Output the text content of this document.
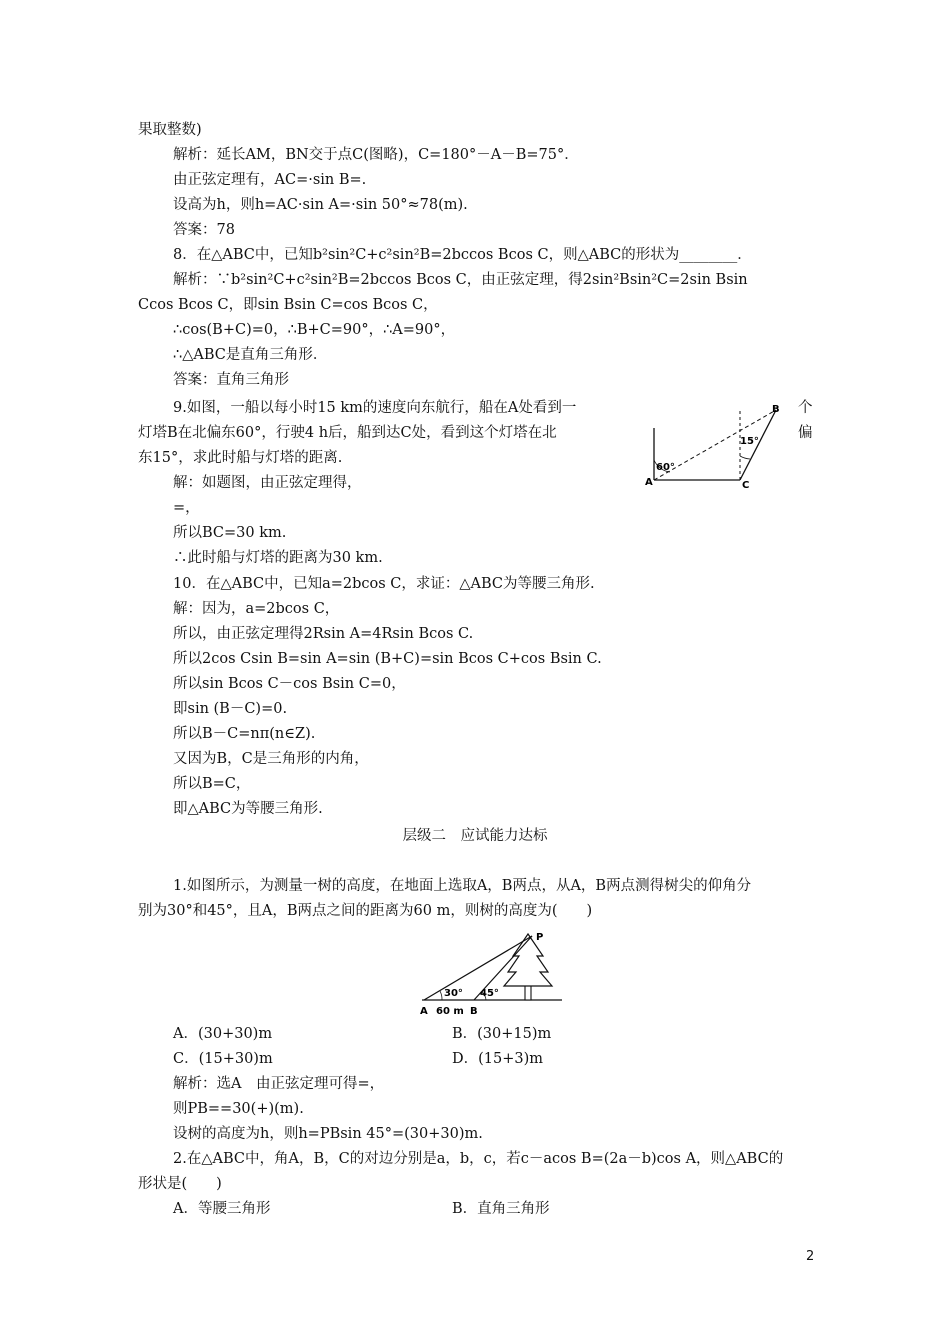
果取整数)
解析：延长AM，BN交于点C(图略)，C=180°－A－B=75°．
由正弦定理有，AC=·sin B=.
设高为h，则h=AC·sin A=·sin 50°≈78(m).
答案：78
8．在△ABC中，已知b²sin²C+c²sin²B=2bccos Bcos C，则△ABC的形状为________．
解析：∵b²sin²C+c²sin²B=2bccos Bcos C，由正弦定理，得2sin²Bsin²C=2sin Bsin
Ccos Bcos C，即sin Bsin C=cos Bcos C，
∴cos(B+C)=0，∴B+C=90°，∴A=90°，
∴△ABC是直角三角形．
答案：直角三角形
9.如图，一船以每小时15 km的速度向东航行，船在A处看到一
灯塔B在北偏东60°，行驶4 h后，船到达C处，看到这个灯塔在北
东15°，求此时船与灯塔的距离.
个
偏
A	C
B
60°
15°
解：如题图，由正弦定理得，
=，
所以BC=30 km.
∴此时船与灯塔的距离为30 km.
10．在△ABC中，已知a=2bcos C，求证：△ABC为等腰三角形.
解：因为，a=2bcos C，
所以，由正弦定理得2Rsin A=4Rsin Bcos C.
所以2cos Csin B=sin A=sin (B+C)=sin Bcos C+cos Bsin C.
所以sin Bcos C－cos Bsin C=0，
即sin (B－C)=0.
所以B－C=nπ(n∈Z).
又因为B，C是三角形的内角，
所以B=C，
即△ABC为等腰三角形.
层级二　应试能力达标
1.如图所示，为测量一树的高度，在地面上选取A，B两点，从A，B两点测得树尖的仰角分
别为30°和45°，且A，B两点之间的距离为60 m，则树的高度为(　　)
P
A	B
60 m
30° 45°
A．(30+30)m	B．(30+15)m
C．(15+30)m	D．(15+3)m
解析：选A　由正弦定理可得=，
则PB==30(+)(m).
设树的高度为h，则h=PBsin 45°=(30+30)m.
2.在△ABC中，角A，B，C的对边分别是a，b，c，若c－acos B=(2a－b)cos A，则△ABC的
形状是(　　)
A．等腰三角形	B．直角三角形
2
